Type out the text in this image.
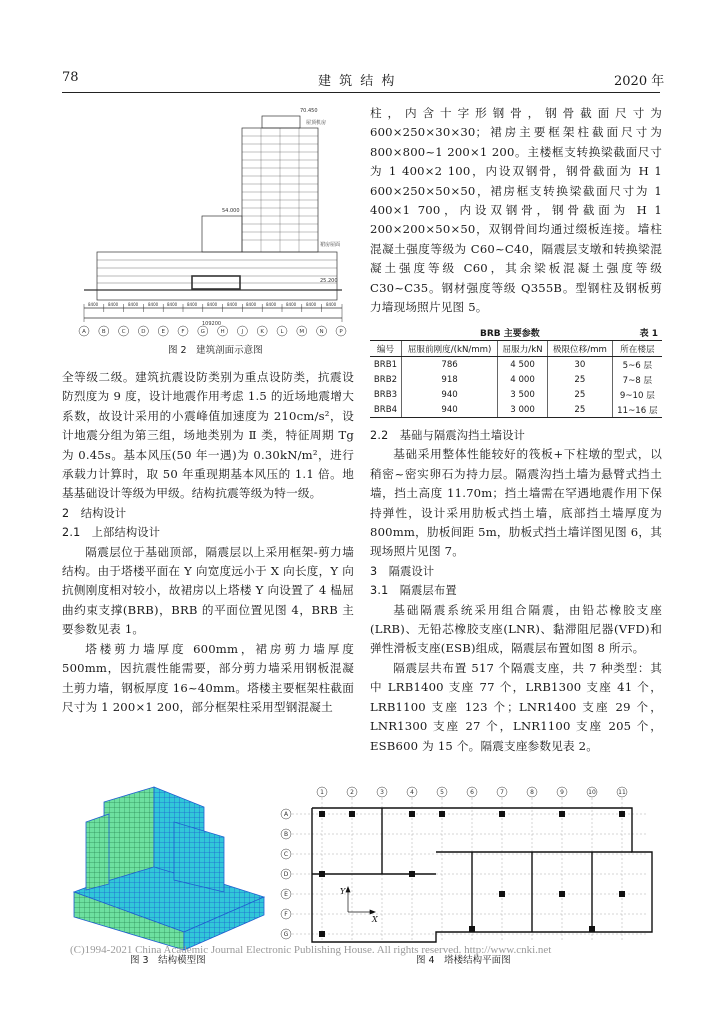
78	建 筑 结 构	2020 年
70.450
屋顶机房
54.000
裙房屋面
25.200
109200
8400 8400 8400 8400 8400 8400 8400 8400 8400 8400 8400 8400 8400
A	B	C	D	E	F	G	H	J	K	L	M	N	P
图 2　建筑剖面示意图

全等级二级。建筑抗震设防类别为重点设防类，抗震设防烈度为 9 度，设计地震作用考虑 1.5 的近场地震增大系数，故设计采用的小震峰值加速度为 210cm/s²，设计地震分组为第三组，场地类别为 Ⅱ 类，特征周期 Tg 为 0.45s。基本风压(50 年一遇)为 0.30kN/m²，进行承载力计算时，取 50 年重现期基本风压的 1.1 倍。地基基础设计等级为甲级。结构抗震等级为特一级。

2　结构设计

2.1　上部结构设计

隔震层位于基础顶部，隔震层以上采用框架-剪力墙结构。由于塔楼平面在 Y 向宽度远小于 X 向长度，Y 向抗侧刚度相对较小，故裙房以上塔楼 Y 向设置了 4 榀屈曲约束支撑(BRB)，BRB 的平面位置见图 4，BRB 主要参数见表 1。

塔楼剪力墙厚度 600mm，裙房剪力墙厚度 500mm，因抗震性能需要，部分剪力墙采用钢板混凝土剪力墙，钢板厚度 16~40mm。塔楼主要框架柱截面尺寸为 1 200×1 200，部分框架柱采用型钢混凝土

柱，内含十字形钢骨，钢骨截面尺寸为 600×250×30×30；裙房主要框架柱截面尺寸为 800×800~1 200×1 200。主楼框支转换梁截面尺寸为 1 400×2 100，内设双钢骨，钢骨截面为 H 1 600×250×50×50，裙房框支转换梁截面尺寸为 1 400×1 700，内设双钢骨，钢骨截面为 H 1 200×200×50×50，双钢骨间均通过缀板连接。墙柱混凝土强度等级为 C60~C40，隔震层支墩和转换梁混凝土强度等级 C60，其余梁板混凝土强度等级 C30~C35。钢材强度等级 Q355B。型钢柱及钢板剪力墙现场照片见图 5。

BRB 主要参数	表 1
编号	屈服前刚度/(kN/mm)	屈服力/kN	极限位移/mm	所在楼层
BRB1	786	4 500	30	5~6 层
BRB2	918	4 000	25	7~8 层
BRB3	940	3 500	25	9~10 层
BRB4	940	3 000	25	11~16 层

2.2　基础与隔震沟挡土墙设计

基础采用整体性能较好的筏板+下柱墩的型式，以稍密~密实卵石为持力层。隔震沟挡土墙为悬臂式挡土墙，挡土高度 11.70m；挡土墙需在罕遇地震作用下保持弹性，设计采用肋板式挡土墙，底部挡土墙厚度为 800mm，肋板间距 5m，肋板式挡土墙详图见图 6，其现场照片见图 7。

3　隔震设计

3.1　隔震层布置

基础隔震系统采用组合隔震，由铅芯橡胶支座(LRB)、无铅芯橡胶支座(LNR)、黏滞阻尼器(VFD)和弹性滑板支座(ESB)组成，隔震层布置如图 8 所示。

隔震层共布置 517 个隔震支座，共 7 种类型：其中 LRB1400 支座 77 个，LRB1300 支座 41 个，LRB1100 支座 123 个；LNR1400 支座 29 个，LNR1300 支座 27 个，LNR1100 支座 205 个，ESB600 为 15 个。隔震支座参数见表 2。

图 3　结构模型图
1	2	3	4	5	6	7	8	9	10	11
A
B
C
D
E
F
G
Y
X
图 4　塔楼结构平面图
(C)1994-2021 China Academic Journal Electronic Publishing House. All rights reserved. http://www.cnki.net
